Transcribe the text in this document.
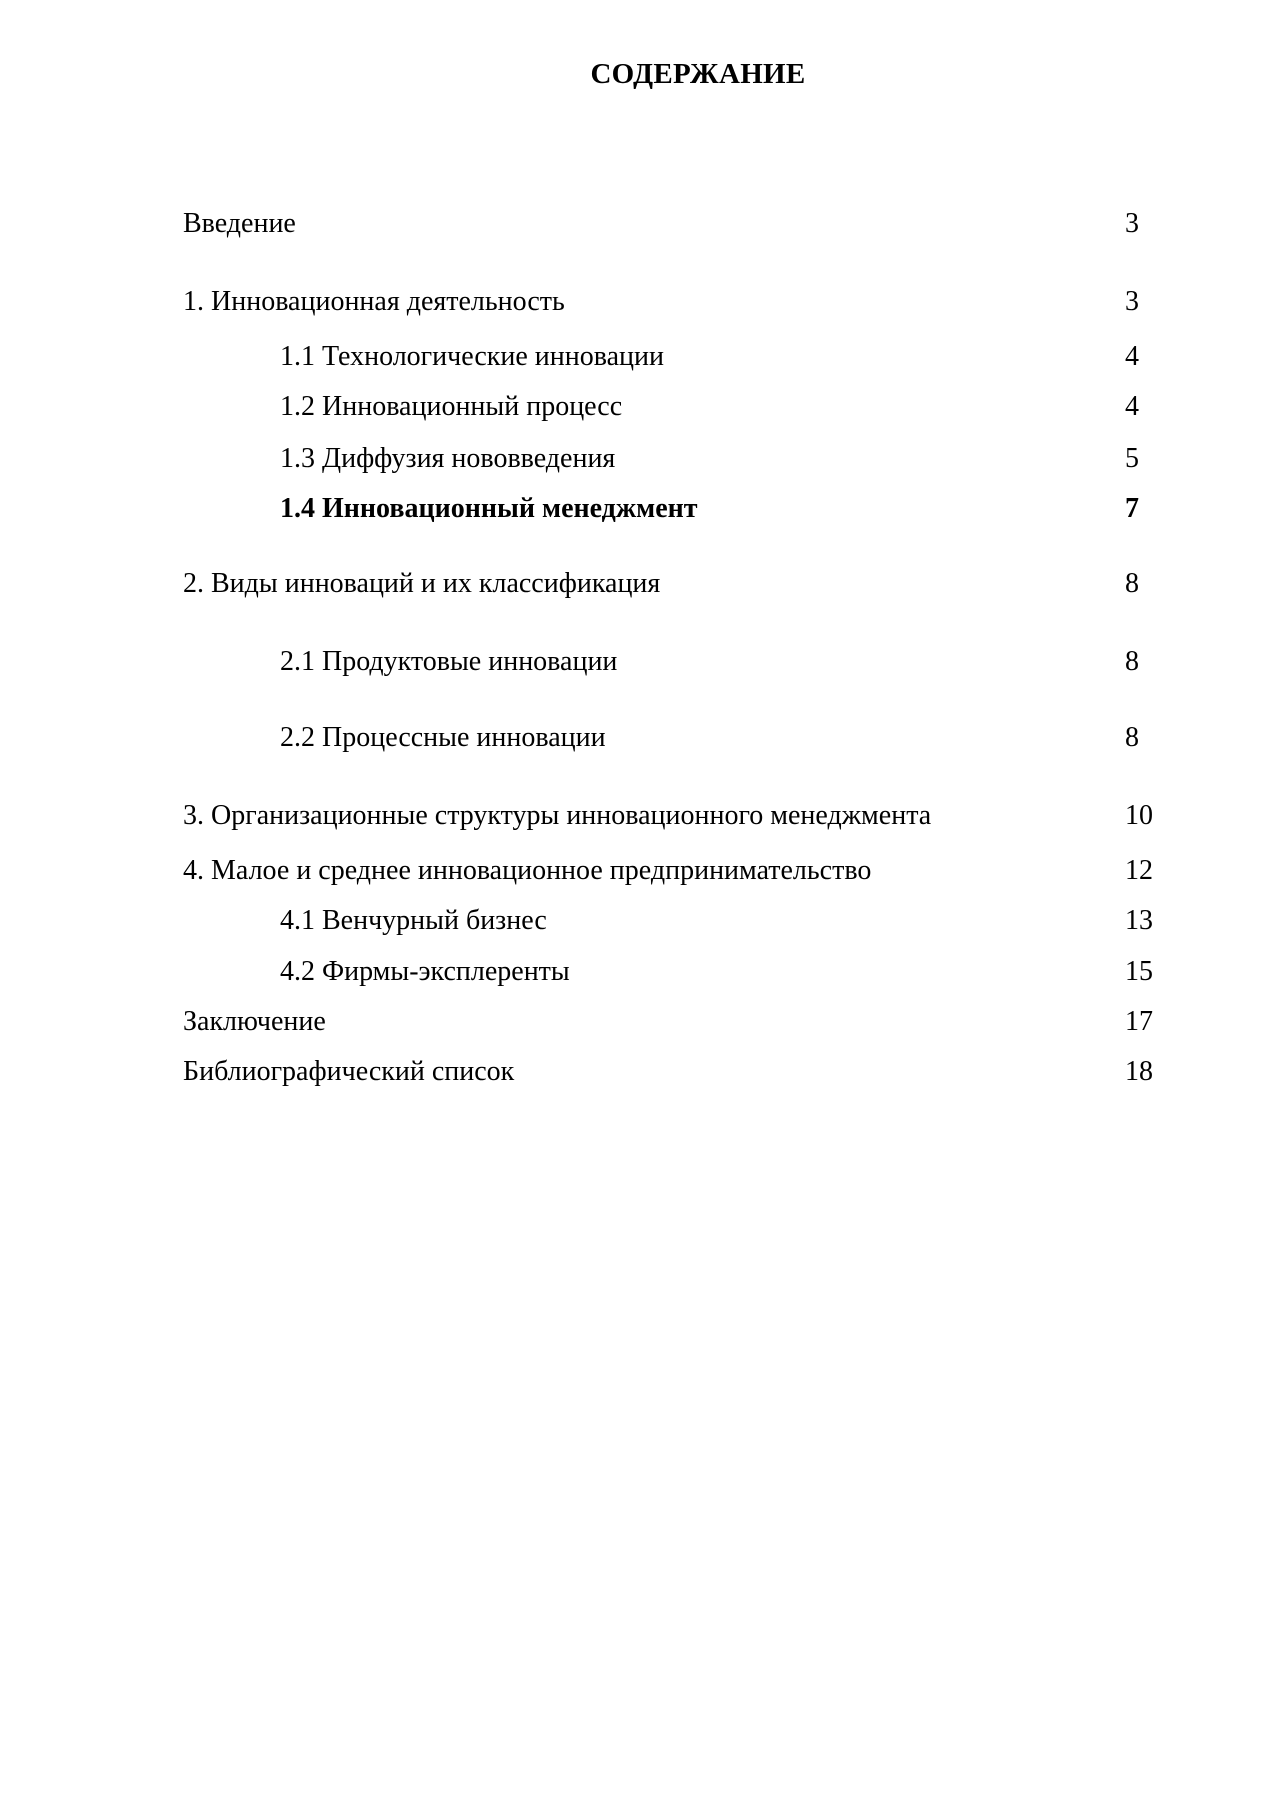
СОДЕРЖАНИЕ
Введение	3
1. Инновационная деятельность	3
1.1 Технологические инновации	4
1.2 Инновационный процесс	4
1.3 Диффузия нововведения	5
1.4 Инновационный менеджмент	7
2. Виды инноваций и их классификация	8
2.1 Продуктовые инновации	8
2.2 Процессные инновации	8
3. Организационные структуры инновационного менеджмента	10
4. Малое и среднее инновационное предпринимательство	12
4.1 Венчурный бизнес	13
4.2 Фирмы-эксплеренты	15
Заключение	17
Библиографический список	18
